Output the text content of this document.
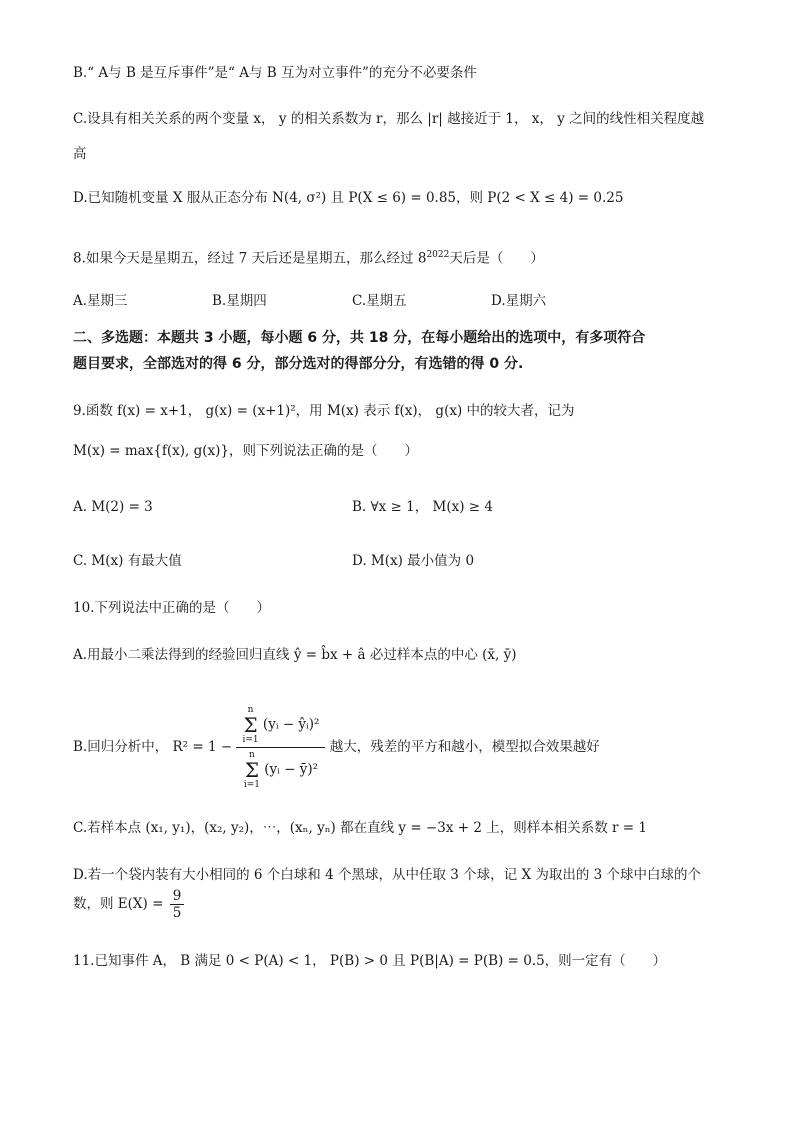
B.“ A与 B 是互斥事件”是“ A与 B 互为对立事件”的充分不必要条件
C.设具有相关关系的两个变量 x， y 的相关系数为 r，那么 |r| 越接近于 1， x， y 之间的线性相关程度越
高
D.已知随机变量 X 服从正态分布 N(4, σ²) 且 P(X ≤ 6) = 0.85，则 P(2 < X ≤ 4) = 0.25
8.如果今天是星期五，经过 7 天后还是星期五，那么经过 $8^{2022}$天后是（　　）
A.星期三	B.星期四	C.星期五	D.星期六
二、多选题：本题共 3 小题，每小题 6 分，共 18 分，在每小题给出的选项中，有多项符合
题目要求，全部选对的得 6 分，部分选对的得部分分，有选错的得 0 分.
9.函数 f(x) = x+1， g(x) = (x+1)²，用 M(x) 表示 f(x)， g(x) 中的较大者，记为
M(x) = max{f(x), g(x)}，则下列说法正确的是（　　）
A. M(2) = 3	B. ∀x ≥ 1， M(x) ≥ 4
C. M(x) 有最大值	D. M(x) 最小值为 0
10.下列说法中正确的是（　　）
A.用最小二乘法得到的经验回归直线 ŷ = b̂x + â 必过样本点的中心 (x̄, ȳ)
B.回归分析中， R² = 1 − n
Σ
i=1 (yᵢ − ŷᵢ)²
n
Σ
i=1 (yᵢ − ȳ)² 越大，残差的平方和越小，模型拟合效果越好
C.若样本点 (x₁, y₁)，(x₂, y₂)，⋯，(xₙ, yₙ) 都在直线 y = −3x + 2 上，则样本相关系数 r = 1
D.若一个袋内装有大小相同的 6 个白球和 4 个黑球，从中任取 3 个球，记 X 为取出的 3 个球中白球的个
数，则 $E(X) = \frac{9}{5}$
11.已知事件 A， B 满足 0 < P(A) < 1， P(B) > 0 且 P(B|A) = P(B) = 0.5，则一定有（　　）
